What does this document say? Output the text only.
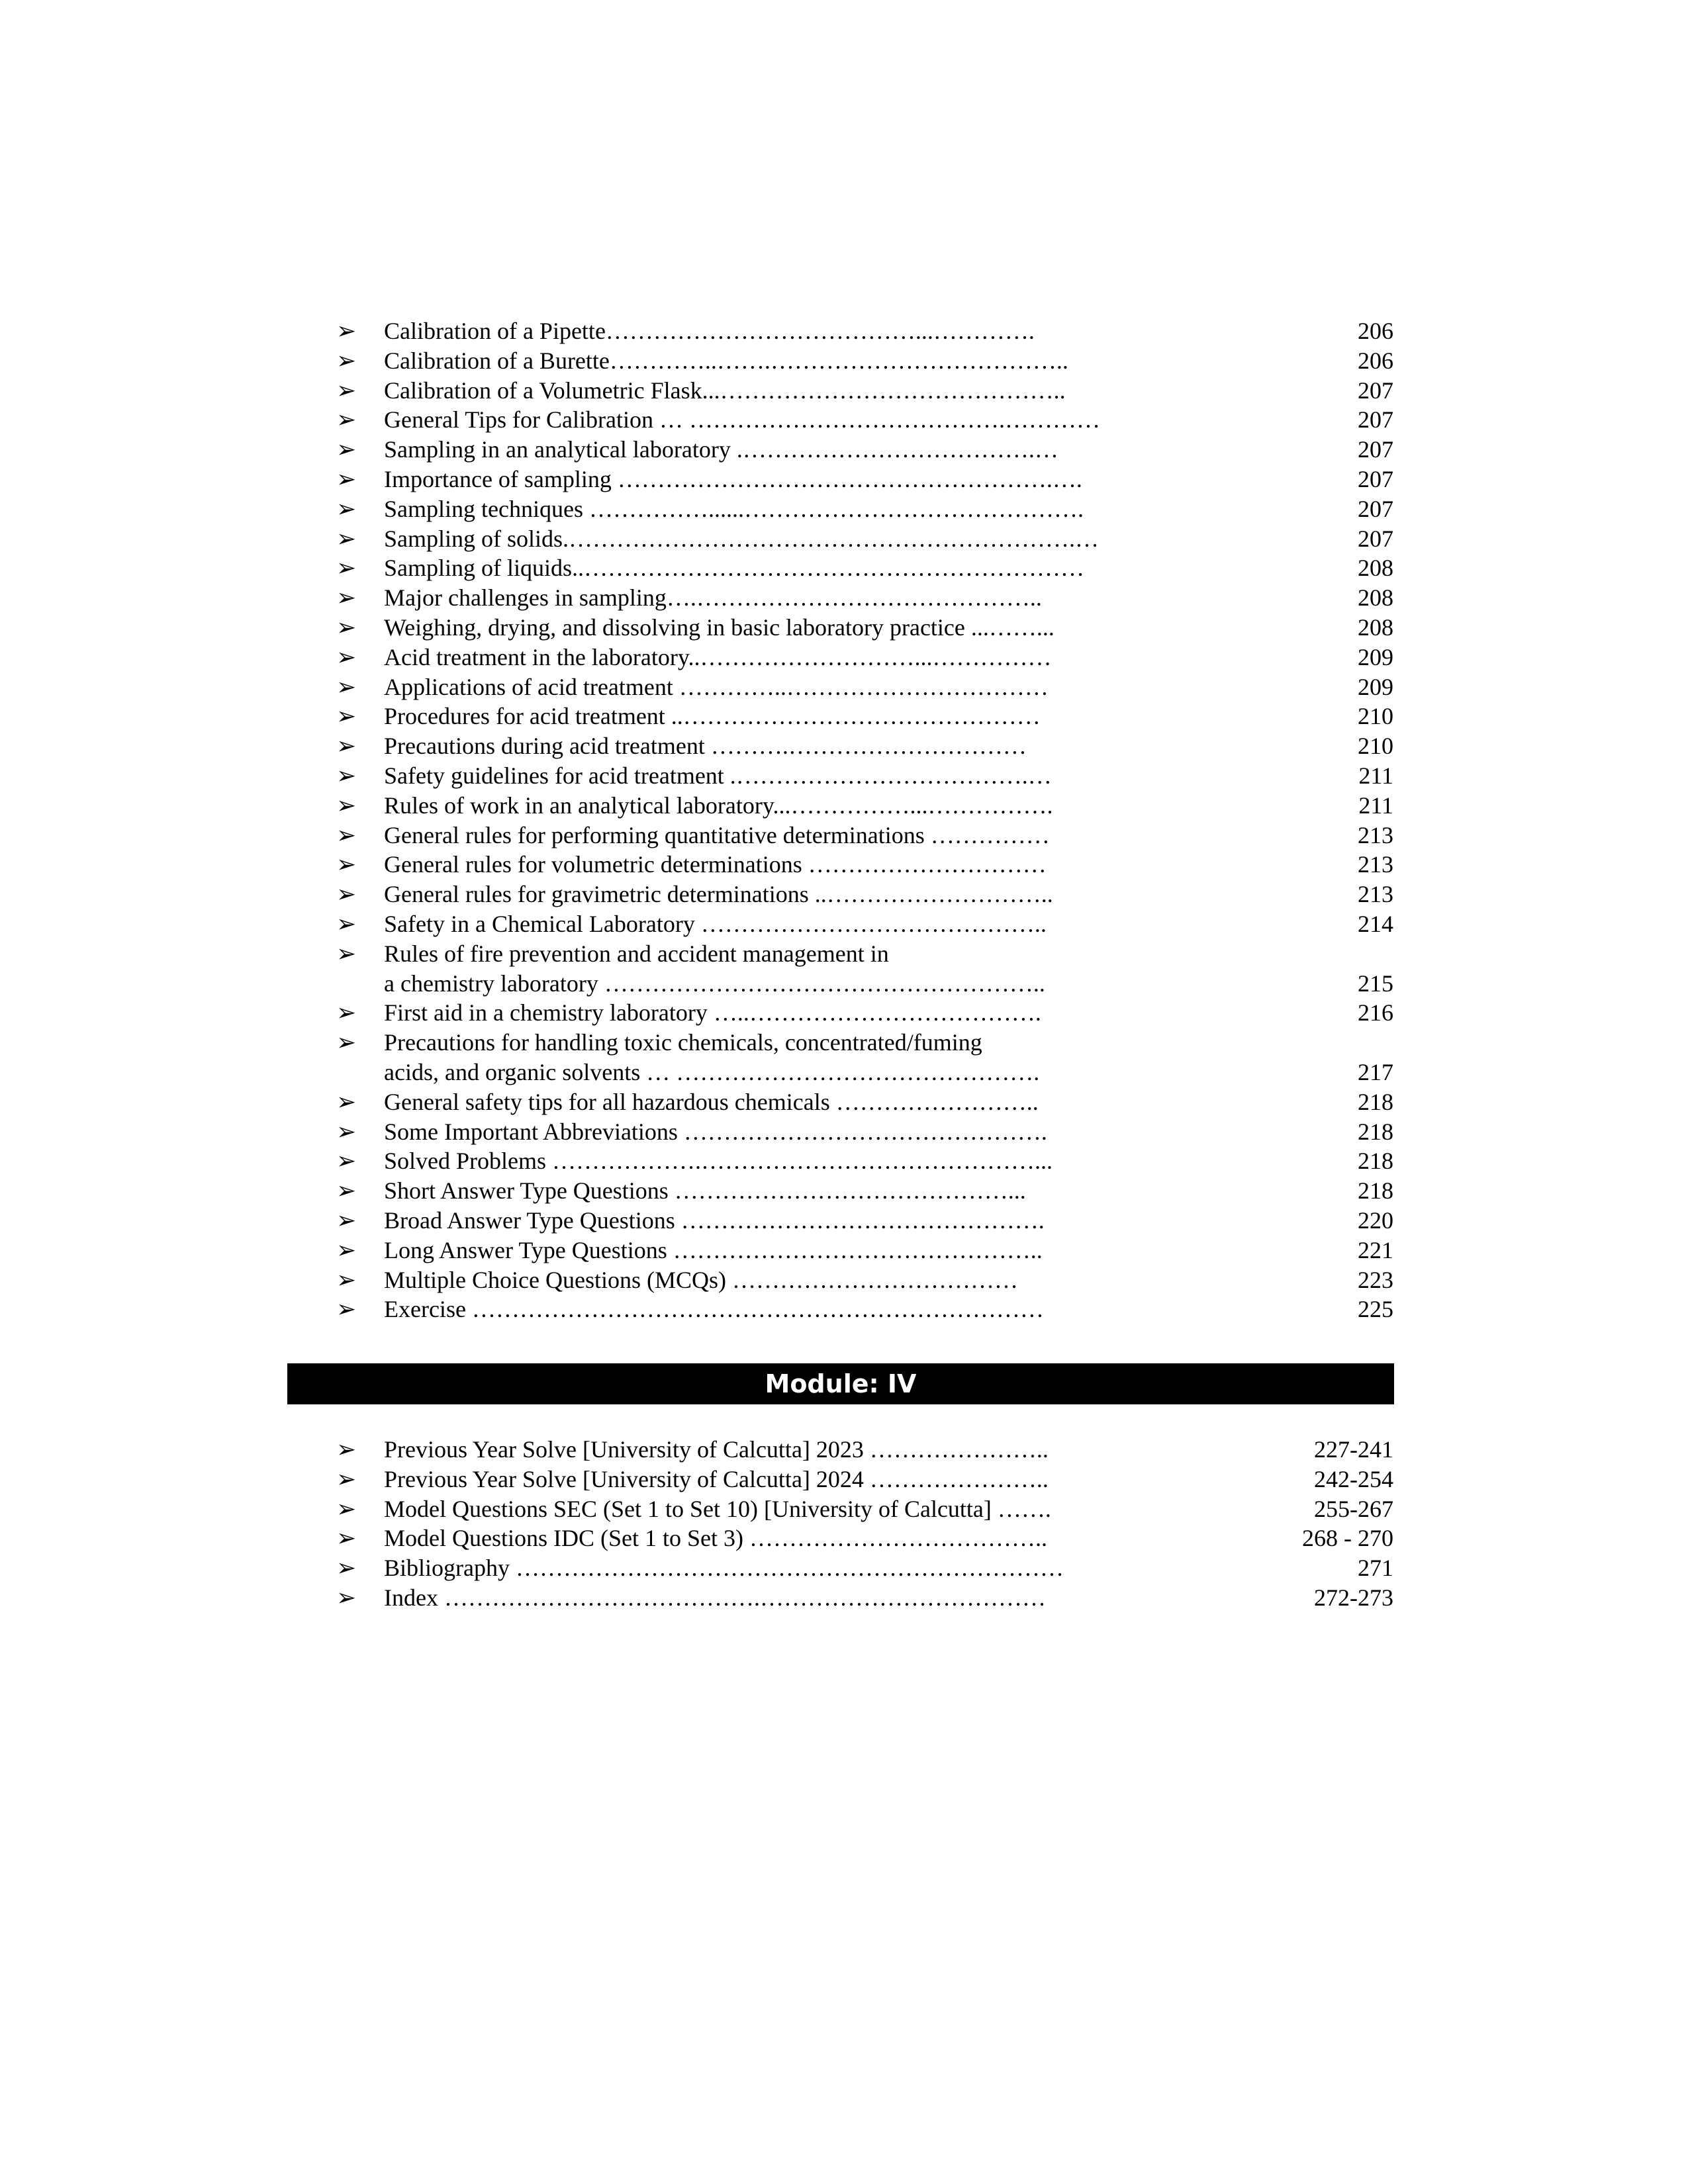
➢ Calibration of a Pipette…………………………………...………….	206
➢ Calibration of a Burette…………..…….………………………………..	206
➢ Calibration of a Volumetric Flask...……………………………………..	207
➢ General Tips for Calibration … ………………………………….…………	207
➢ Sampling in an analytical laboratory .……………………………….…	207
➢ Importance of sampling ……………………………………………….….	207
➢ Sampling techniques ……………......…………………………………….	207
➢ Sampling of solids.……………………………………………………….…	207
➢ Sampling of liquids..………………………………………………………	208
➢ Major challenges in sampling….……………………………………..	208
➢ Weighing, drying, and dissolving in basic laboratory practice ...……...	208
➢ Acid treatment in the laboratory..………………………...……………	209
➢ Applications of acid treatment …………..……………………………	209
➢ Procedures for acid treatment ..………………………………………	210
➢ Precautions during acid treatment ……….…………………………	210
➢ Safety guidelines for acid treatment .……………………………….…	211
➢ Rules of work in an analytical laboratory...……………...…………….	211
➢ General rules for performing quantitative determinations ……………	213
➢ General rules for volumetric determinations …………………………	213
➢ General rules for gravimetric determinations ..………………………..	213
➢ Safety in a Chemical Laboratory ……………………………………..	214
➢ Rules of fire prevention and accident management in
a chemistry laboratory ………………………………………………..	215
➢ First aid in a chemistry laboratory …..……………………………….	216
➢ Precautions for handling toxic chemicals, concentrated/fuming
acids, and organic solvents … ……………………………………….	217
➢ General safety tips for all hazardous chemicals ……………………..	218
➢ Some Important Abbreviations ……………………………………….	218
➢ Solved Problems ……………….……………………………………...	218
➢ Short Answer Type Questions ……………………………………...	218
➢ Broad Answer Type Questions ……………………………………….	220
➢ Long Answer Type Questions ………………………………………..	221
➢ Multiple Choice Questions (MCQs) ………………………………	223
➢ Exercise ………………………………………………………………	225
Module: IV
➢ Previous Year Solve [University of Calcutta] 2023 …………………..	227-241
➢ Previous Year Solve [University of Calcutta] 2024 …………………..	242-254
➢ Model Questions SEC (Set 1 to Set 10) [University of Calcutta] …….	255-267
➢ Model Questions IDC (Set 1 to Set 3) ………………………………..	268 - 270
➢ Bibliography ……………………………………………………………	271
➢ Index ………………………………….………………………………	272-273
